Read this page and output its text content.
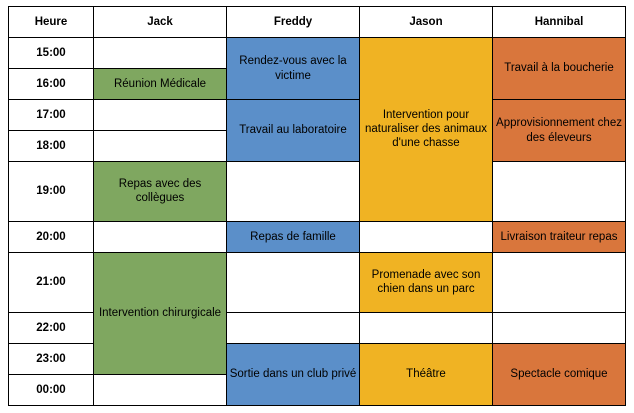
Heure	Jack	Freddy	Jason	Hannibal
15:00		Rendez-vous avec la victime	Intervention pour naturaliser des animaux d'une chasse	Travail à la boucherie
16:00	Réunion Médicale			
17:00		Travail au laboratoire		Approvisionnement chez des éleveurs
18:00				
19:00	Repas avec des collègues			
20:00		Repas de famille		Livraison traiteur repas
21:00	Intervention chirurgicale		Promenade avec son chien dans un parc	
22:00				
23:00		Sortie dans un club privé	Théâtre	Spectacle comique
00:00				
